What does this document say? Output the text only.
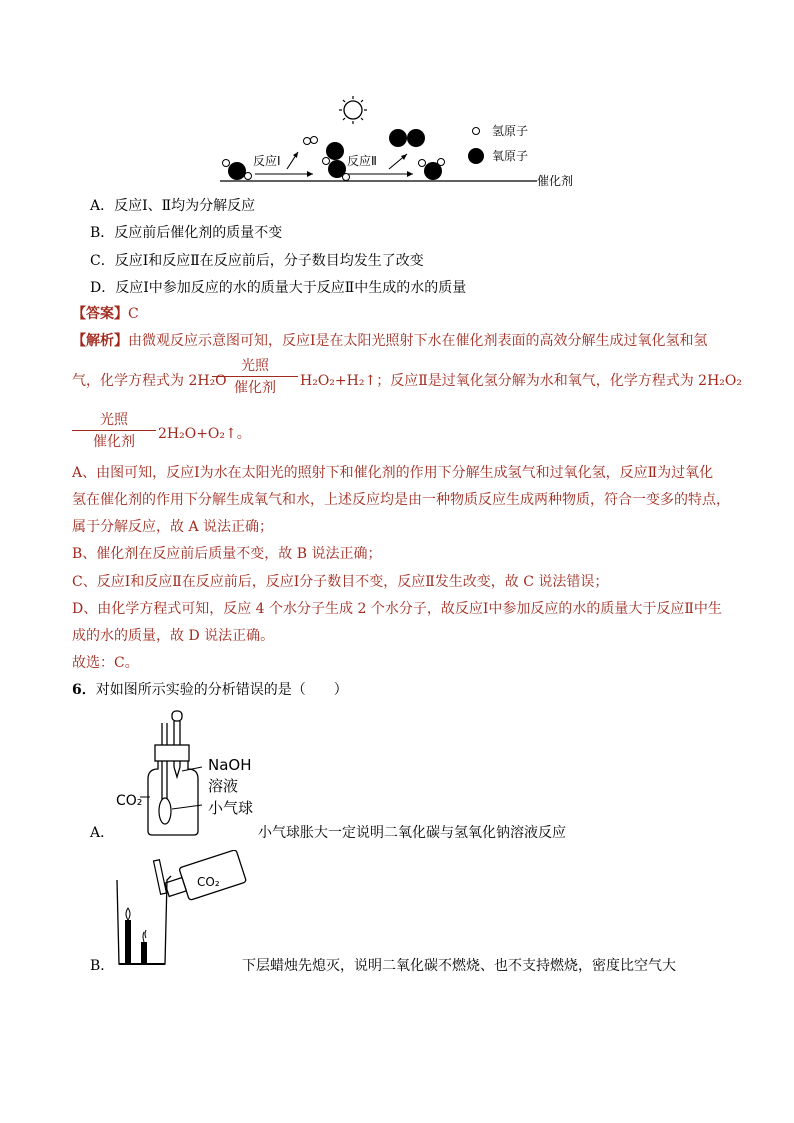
反应Ⅰ	反应Ⅱ
氢原子
氧原子
催化剂
A．反应Ⅰ、Ⅱ均为分解反应
B．反应前后催化剂的质量不变
C．反应Ⅰ和反应Ⅱ在反应前后，分子数目均发生了改变
D．反应Ⅰ中参加反应的水的质量大于反应Ⅱ中生成的水的质量
【答案】C
【解析】由微观反应示意图可知，反应Ⅰ是在太阳光照射下水在催化剂表面的高效分解生成过氧化氢和氢
气，化学方程式为 2H₂O
光照
催化剂	H₂O₂+H₂↑；反应Ⅱ是过氧化氢分解为水和氧气，化学方程式为 2H₂O₂
光照
催化剂	2H₂O+O₂↑。
A、由图可知，反应Ⅰ为水在太阳光的照射下和催化剂的作用下分解生成氢气和过氧化氢，反应Ⅱ为过氧化
氢在催化剂的作用下分解生成氧气和水，上述反应均是由一种物质反应生成两种物质，符合一变多的特点，
属于分解反应，故 A 说法正确；
B、催化剂在反应前后质量不变，故 B 说法正确；
C、反应Ⅰ和反应Ⅱ在反应前后，反应Ⅰ分子数目不变，反应Ⅱ发生改变，故 C 说法错误；
D、由化学方程式可知，反应 4 个水分子生成 2 个水分子，故反应Ⅰ中参加反应的水的质量大于反应Ⅱ中生
成的水的质量，故 D 说法正确。
故选：C。
6．对如图所示实验的分析错误的是（　　）
NaOH
溶液
小气球
CO₂
A．	小气球胀大一定说明二氧化碳与氢氧化钠溶液反应
CO₂
B．	下层蜡烛先熄灭，说明二氧化碳不燃烧、也不支持燃烧，密度比空气大
